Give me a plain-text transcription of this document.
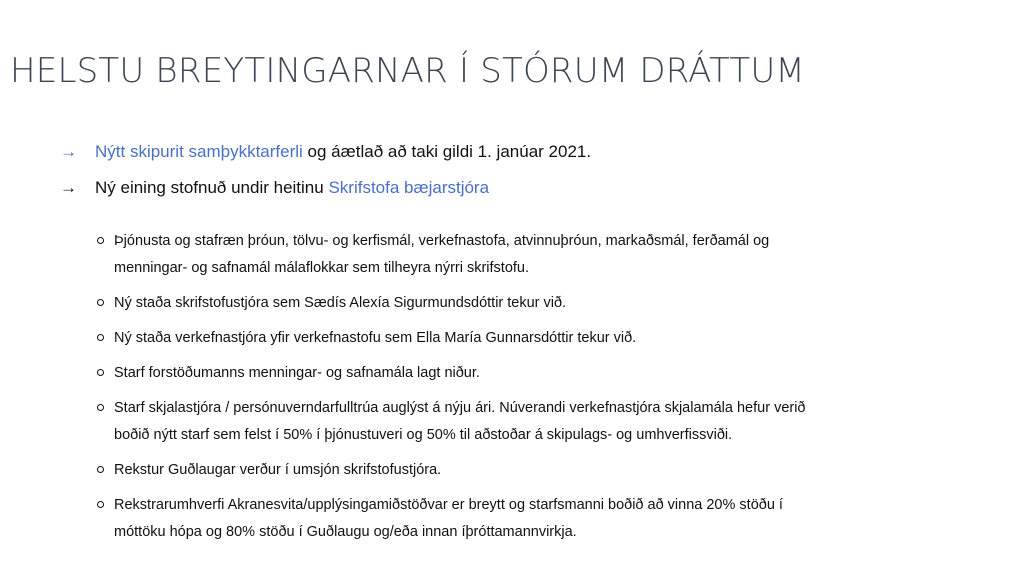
HELSTU BREYTINGARNAR Í STÓRUM DRÁTTUM
→ Nýtt skipurit samþykktarferli og áætlað að taki gildi 1. janúar 2021.
→ Ný eining stofnuð undir heitinu Skrifstofa bæjarstjóra
Þjónusta og stafræn þróun, tölvu- og kerfismál, verkefnastofa, atvinnuþróun, markaðsmál, ferðamál og
menningar- og safnamál málaflokkar sem tilheyra nýrri skrifstofu.
Ný staða skrifstofustjóra sem Sædís Alexía Sigurmundsdóttir tekur við.
Ný staða verkefnastjóra yfir verkefnastofu sem Ella María Gunnarsdóttir tekur við.
Starf forstöðumanns menningar- og safnamála lagt niður.
Starf skjalastjóra / persónuverndarfulltrúa auglýst á nýju ári. Núverandi verkefnastjóra skjalamála hefur verið
boðið nýtt starf sem felst í 50% í þjónustuveri og 50% til aðstoðar á skipulags- og umhverfissviði.
Rekstur Guðlaugar verður í umsjón skrifstofustjóra.
Rekstrarumhverfi Akranesvita/upplýsingamiðstöðvar er breytt og starfsmanni boðið að vinna 20% stöðu í
móttöku hópa og 80% stöðu í Guðlaugu og/eða innan íþróttamannvirkja.
